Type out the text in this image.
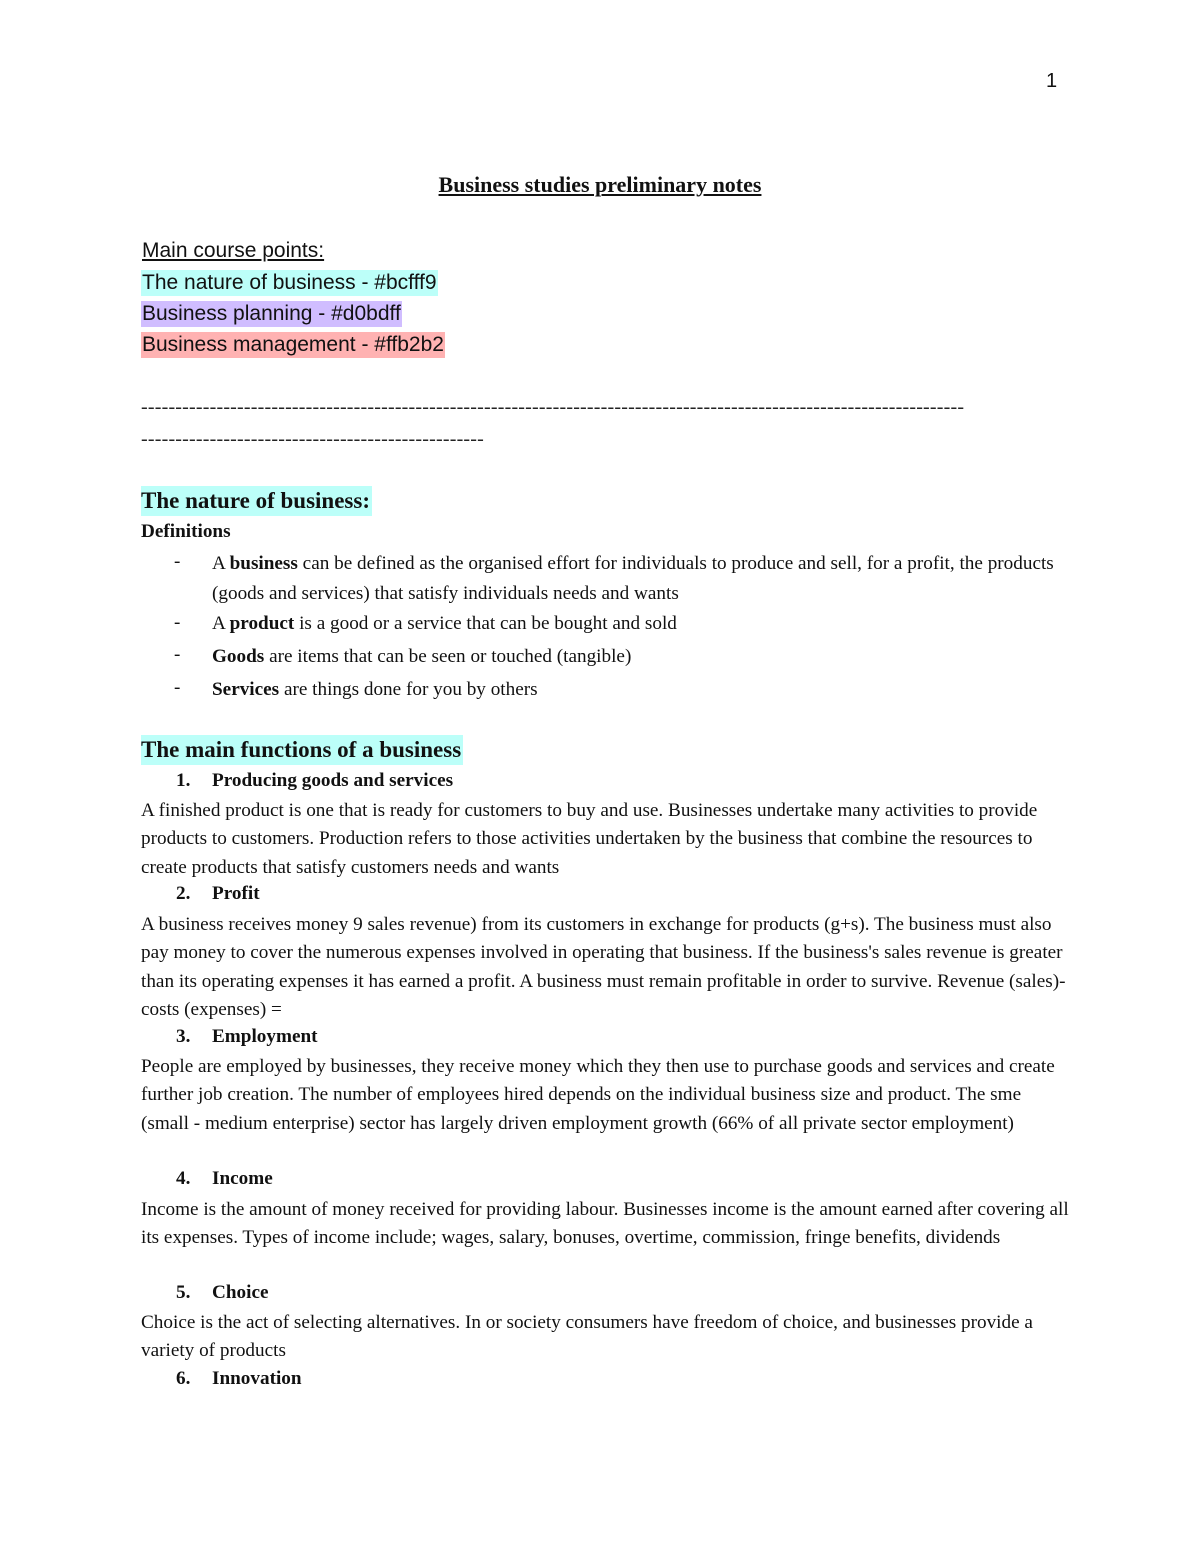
1
Business studies preliminary notes
Main course points:
The nature of business - #bcfff9
Business planning - #d0bdff
Business management - #ffb2b2
------------------------------------------------------------------------------------------------------------------------
--------------------------------------------------
The nature of business:
Definitions
- A business can be defined as the organised effort for individuals to produce and sell, for a profit, the products (goods and services) that satisfy individuals needs and wants
- A product is a good or a service that can be bought and sold
- Goods are items that can be seen or touched (tangible)
- Services are things done for you by others
The main functions of a business
1. Producing goods and services
A finished product is one that is ready for customers to buy and use. Businesses undertake many activities to provide products to customers. Production refers to those activities undertaken by the business that combine the resources to create products that satisfy customers needs and wants
2. Profit
A business receives money 9 sales revenue) from its customers in exchange for products (g+s). The business must also pay money to cover the numerous expenses involved in operating that business. If the business's sales revenue is greater than its operating expenses it has earned a profit. A business must remain profitable in order to survive. Revenue (sales)- costs (expenses) =
3. Employment
People are employed by businesses, they receive money which they then use to purchase goods and services and create further job creation. The number of employees hired depends on the individual business size and product. The sme (small - medium enterprise) sector has largely driven employment growth (66% of all private sector employment)
4. Income
Income is the amount of money received for providing labour. Businesses income is the amount earned after covering all its expenses. Types of income include; wages, salary, bonuses, overtime, commission, fringe benefits, dividends
5. Choice
Choice is the act of selecting alternatives. In or society consumers have freedom of choice, and businesses provide a variety of products
6. Innovation
